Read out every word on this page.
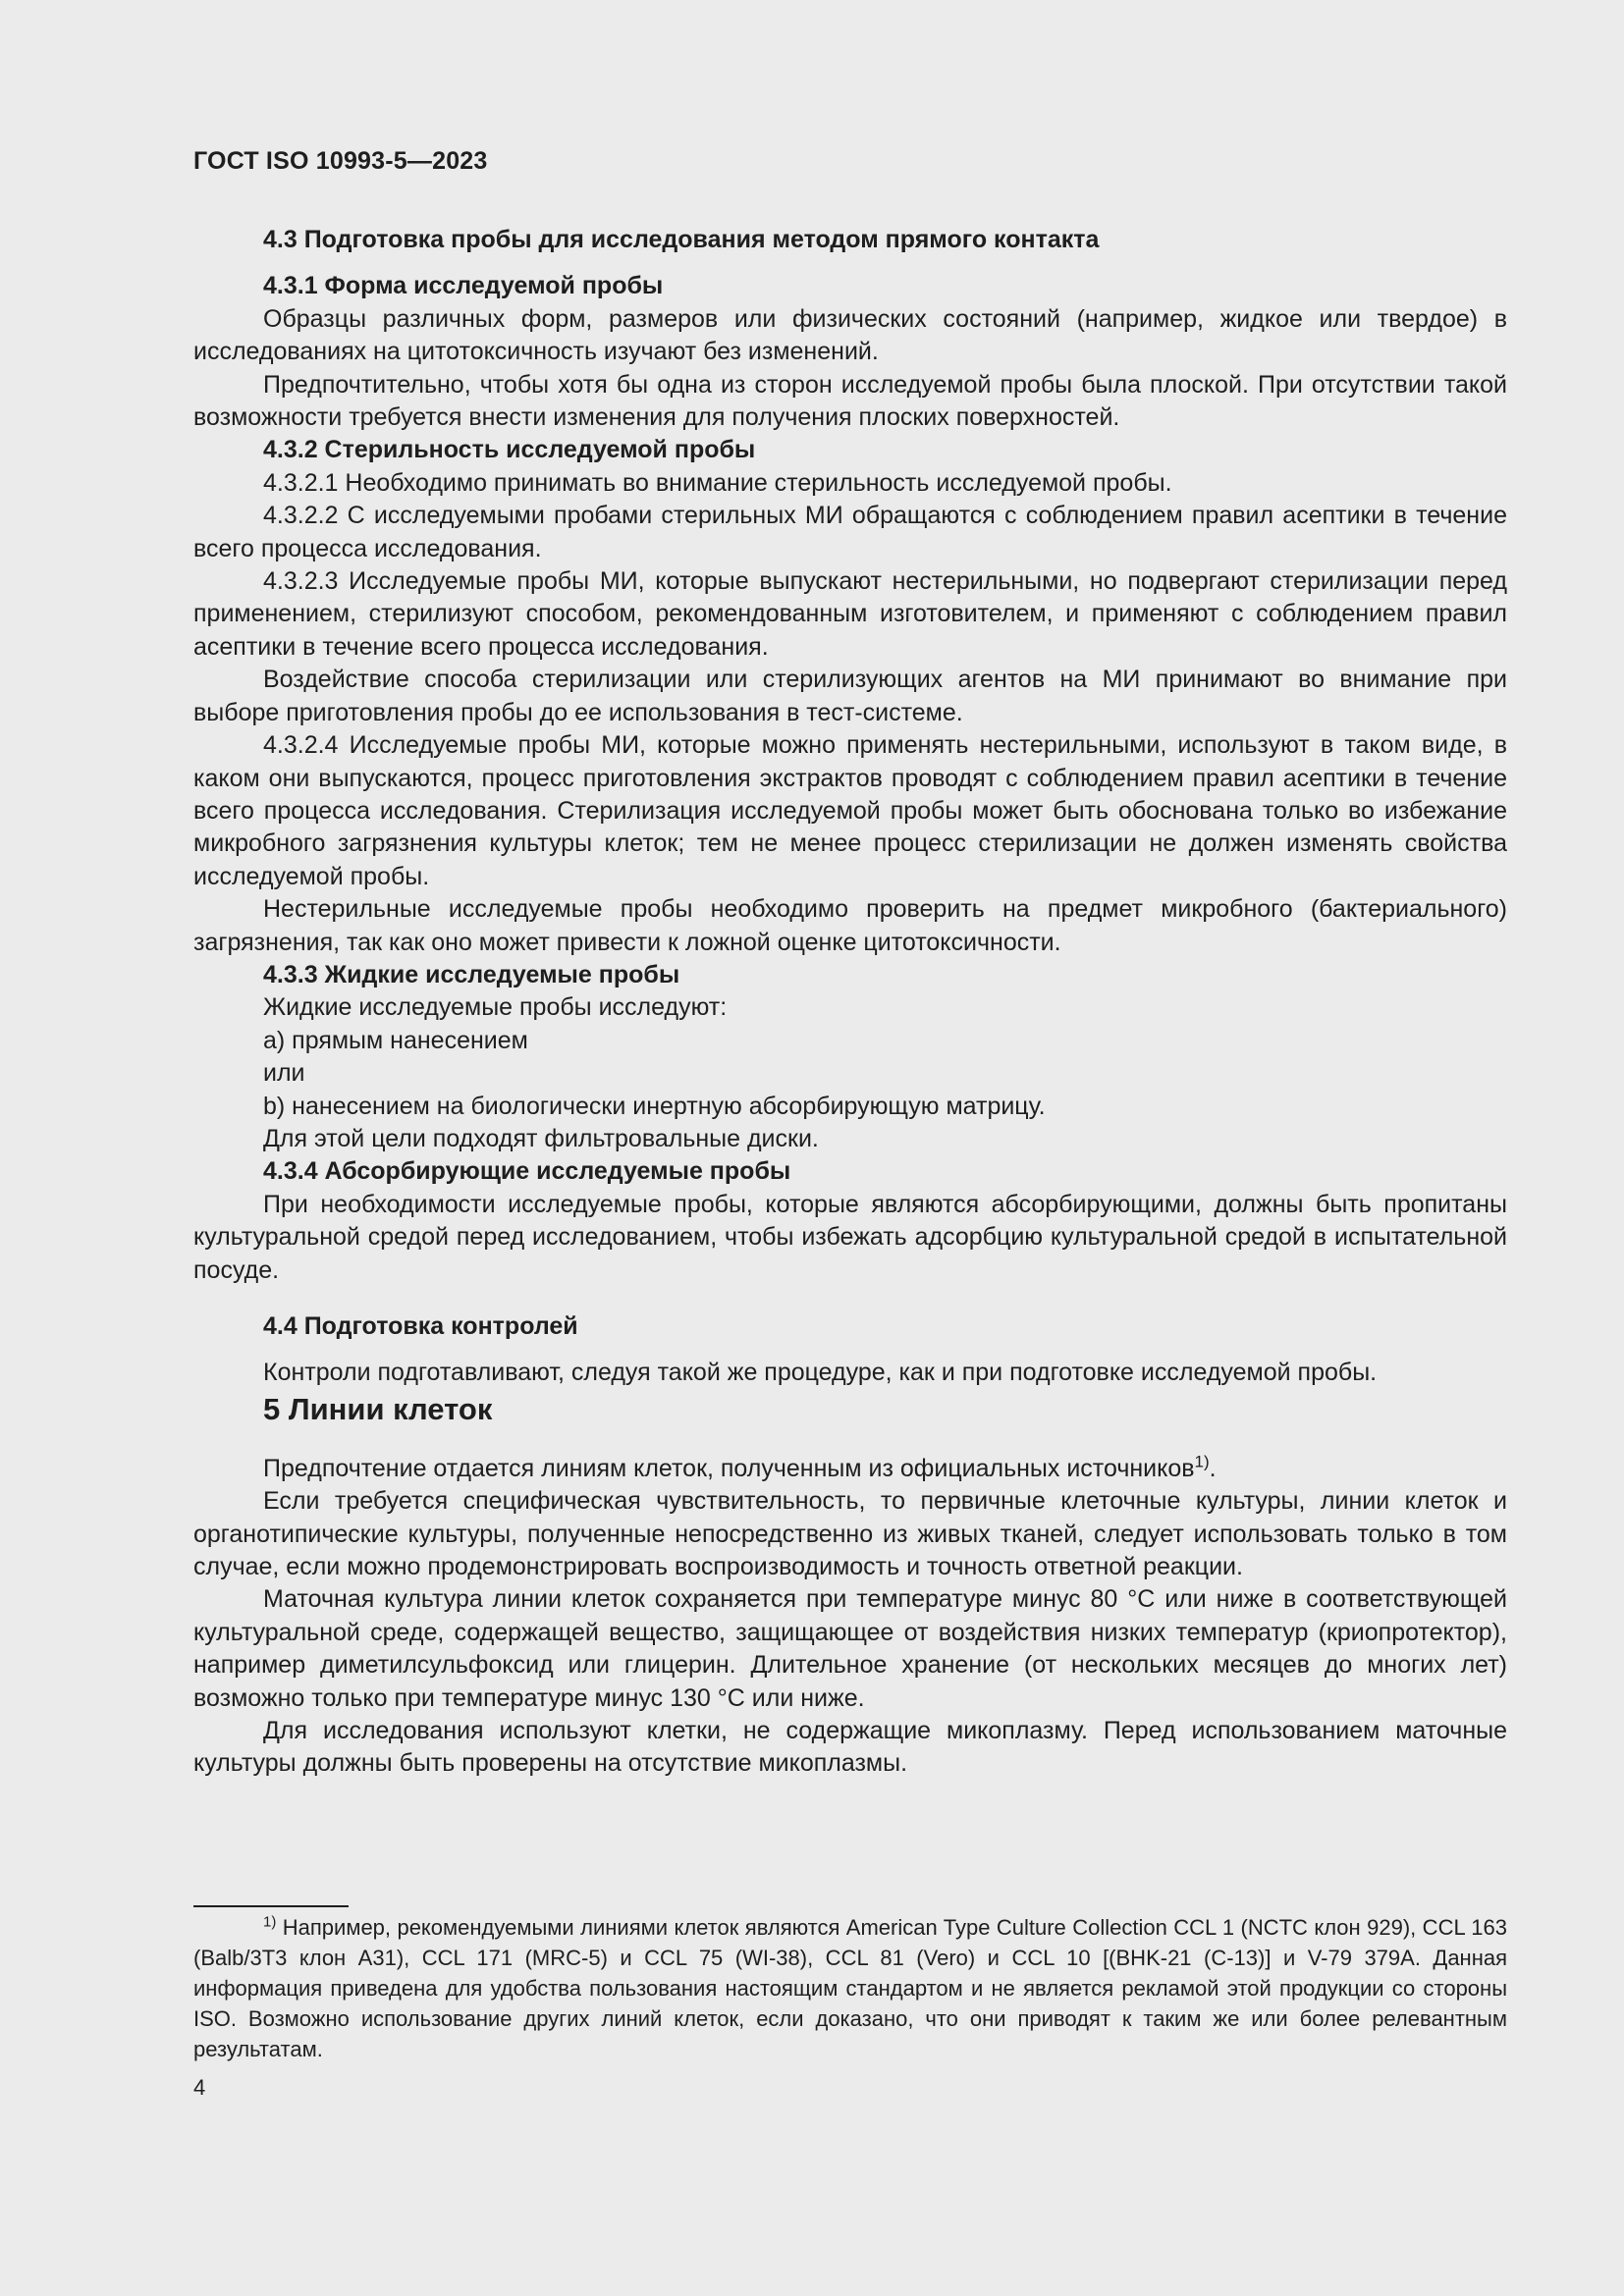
ГОСТ ISO 10993-5—2023

4.3 Подготовка пробы для исследования методом прямого контакта

4.3.1 Форма исследуемой пробы

Образцы различных форм, размеров или физических состояний (например, жидкое или твердое) в исследованиях на цитотоксичность изучают без изменений.

Предпочтительно, чтобы хотя бы одна из сторон исследуемой пробы была плоской. При отсутствии такой возможности требуется внести изменения для получения плоских поверхностей.

4.3.2 Стерильность исследуемой пробы

4.3.2.1 Необходимо принимать во внимание стерильность исследуемой пробы.

4.3.2.2 С исследуемыми пробами стерильных МИ обращаются с соблюдением правил асептики в течение всего процесса исследования.

4.3.2.3 Исследуемые пробы МИ, которые выпускают нестерильными, но подвергают стерилизации перед применением, стерилизуют способом, рекомендованным изготовителем, и применяют с соблюдением правил асептики в течение всего процесса исследования.

Воздействие способа стерилизации или стерилизующих агентов на МИ принимают во внимание при выборе приготовления пробы до ее использования в тест-системе.

4.3.2.4 Исследуемые пробы МИ, которые можно применять нестерильными, используют в таком виде, в каком они выпускаются, процесс приготовления экстрактов проводят с соблюдением правил асептики в течение всего процесса исследования. Стерилизация исследуемой пробы может быть обоснована только во избежание микробного загрязнения культуры клеток; тем не менее процесс стерилизации не должен изменять свойства исследуемой пробы.

Нестерильные исследуемые пробы необходимо проверить на предмет микробного (бактериального) загрязнения, так как оно может привести к ложной оценке цитотоксичности.

4.3.3 Жидкие исследуемые пробы

Жидкие исследуемые пробы исследуют:

a) прямым нанесением

или

b) нанесением на биологически инертную абсорбирующую матрицу.

Для этой цели подходят фильтровальные диски.

4.3.4 Абсорбирующие исследуемые пробы

При необходимости исследуемые пробы, которые являются абсорбирующими, должны быть пропитаны культуральной средой перед исследованием, чтобы избежать адсорбцию культуральной средой в испытательной посуде.

4.4 Подготовка контролей

Контроли подготавливают, следуя такой же процедуре, как и при подготовке исследуемой пробы.

5 Линии клеток

Предпочтение отдается линиям клеток, полученным из официальных источников$^{1)}$.

Если требуется специфическая чувствительность, то первичные клеточные культуры, линии клеток и органотипические культуры, полученные непосредственно из живых тканей, следует использовать только в том случае, если можно продемонстрировать воспроизводимость и точность ответной реакции.

Маточная культура линии клеток сохраняется при температуре минус 80 °С или ниже в соответствующей культуральной среде, содержащей вещество, защищающее от воздействия низких температур (криопротектор), например диметилсульфоксид или глицерин. Длительное хранение (от нескольких месяцев до многих лет) возможно только при температуре минус 130 °С или ниже.

Для исследования используют клетки, не содержащие микоплазму. Перед использованием маточные культуры должны быть проверены на отсутствие микоплазмы.

$^{1)}$ Например, рекомендуемыми линиями клеток являются American Type Culture Collection CCL 1 (NCTC клон 929), CCL 163 (Balb/3T3 клон A31), CCL 171 (MRC-5) и CCL 75 (WI-38), CCL 81 (Vero) и CCL 10 [(BHK-21 (C-13)] и V-79 379A. Данная информация приведена для удобства пользования настоящим стандартом и не является рекламой этой продукции со стороны ISO. Возможно использование других линий клеток, если доказано, что они приводят к таким же или более релевантным результатам.

4
